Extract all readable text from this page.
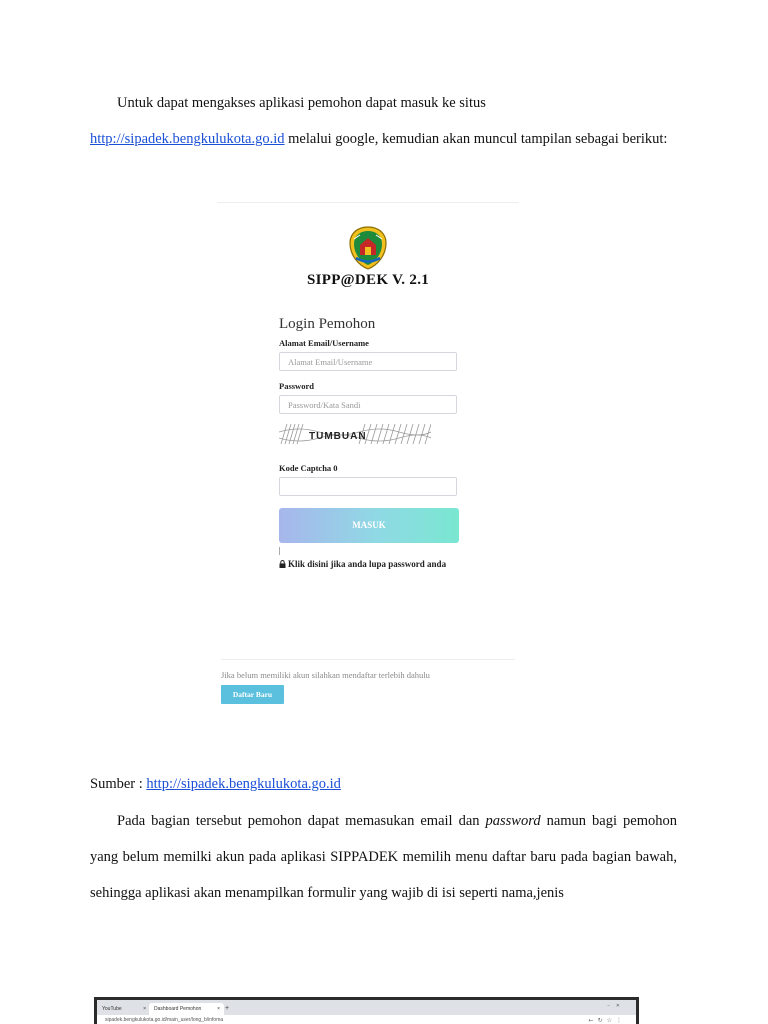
Untuk dapat mengakses aplikasi pemohon dapat masuk ke situs
http://sipadek.bengkulukota.go.id melalui google, kemudian akan muncul tampilan sebagai berikut:

SIPP@DEK V. 2.1
Login Pemohon
Alamat Email/Username
Alamat Email/Username
Password
Password/Kata Sandi
TUMBUAN
Kode Captcha 0
MASUK
Klik disini jika anda lupa password anda
Jika belum memiliki akun silahkan mendaftar terlebih dahulu
Daftar Baru

Sumber : http://sipadek.bengkulukota.go.id

Pada bagian tersebut pemohon dapat memasukan email dan password namun bagi pemohon yang belum memilki akun pada aplikasi SIPPADEK memilih menu daftar baru pada bagian bawah, sehingga aplikasi akan menampilkan formulir yang wajib di isi seperti nama,jenis

YouTube	×	Dashboard Pemohon	× +	–✕
sipadek.bengkulukota.go.id/main_user/long_b/infoma	←↻☆⋮
